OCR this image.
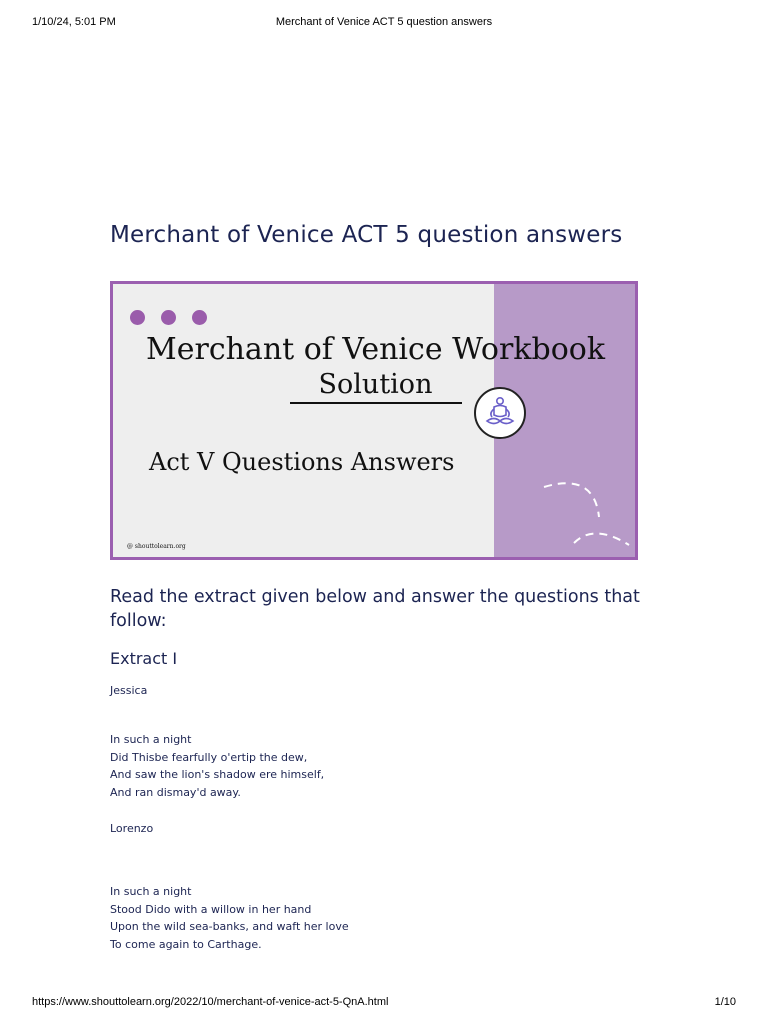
1/10/24, 5:01 PM	Merchant of Venice ACT 5 question answers
Merchant of Venice ACT 5 question answers
Merchant of Venice Workbook
Solution
Act V Questions Answers
@ shouttolearn.org
Read the extract given below and answer the questions that follow:
Extract I

Jessica

In such a night

Did Thisbe fearfully o'ertip the dew,

And saw the lion's shadow ere himself,

And ran dismay'd away.

Lorenzo

In such a night

Stood Dido with a willow in her hand

Upon the wild sea-banks, and waft her love

To come again to Carthage.

https://www.shouttolearn.org/2022/10/merchant-of-venice-act-5-QnA.html	1/10
